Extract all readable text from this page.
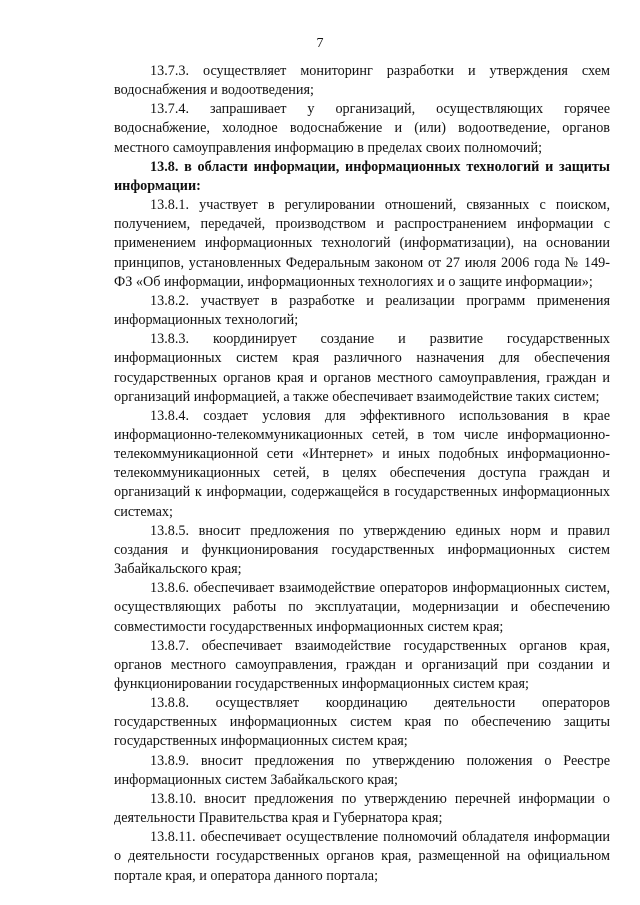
7

13.7.3. осуществляет мониторинг разработки и утверждения схем водоснабжения и водоотведения;

13.7.4. запрашивает у организаций, осуществляющих горячее водоснабжение, холодное водоснабжение и (или) водоотведение, органов местного самоуправления информацию в пределах своих полномочий;

13.8. в области информации, информационных технологий и защиты информации:

13.8.1. участвует в регулировании отношений, связанных с поиском, получением, передачей, производством и распространением информации с применением информационных технологий (информатизации), на основании принципов, установленных Федеральным законом от 27 июля 2006 года № 149-ФЗ «Об информации, информационных технологиях и о защите информации»;

13.8.2. участвует в разработке и реализации программ применения информационных технологий;

13.8.3. координирует создание и развитие государственных информационных систем края различного назначения для обеспечения государственных органов края и органов местного самоуправления, граждан и организаций информацией, а также обеспечивает взаимодействие таких систем;

13.8.4. создает условия для эффективного использования в крае информационно-телекоммуникационных сетей, в том числе информационно-телекоммуникационной сети «Интернет» и иных подобных информационно-телекоммуникационных сетей, в целях обеспечения доступа граждан и организаций к информации, содержащейся в государственных информационных системах;

13.8.5. вносит предложения по утверждению единых норм и правил создания и функционирования государственных информационных систем Забайкальского края;

13.8.6. обеспечивает взаимодействие операторов информационных систем, осуществляющих работы по эксплуатации, модернизации и обеспечению совместимости государственных информационных систем края;

13.8.7. обеспечивает взаимодействие государственных органов края, органов местного самоуправления, граждан и организаций при создании и функционировании государственных информационных систем края;

13.8.8. осуществляет координацию деятельности операторов государственных информационных систем края по обеспечению защиты государственных информационных систем края;

13.8.9. вносит предложения по утверждению положения о Реестре информационных систем Забайкальского края;

13.8.10. вносит предложения по утверждению перечней информации о деятельности Правительства края и Губернатора края;

13.8.11. обеспечивает осуществление полномочий обладателя информации о деятельности государственных органов края, размещенной на официальном портале края, и оператора данного портала;
